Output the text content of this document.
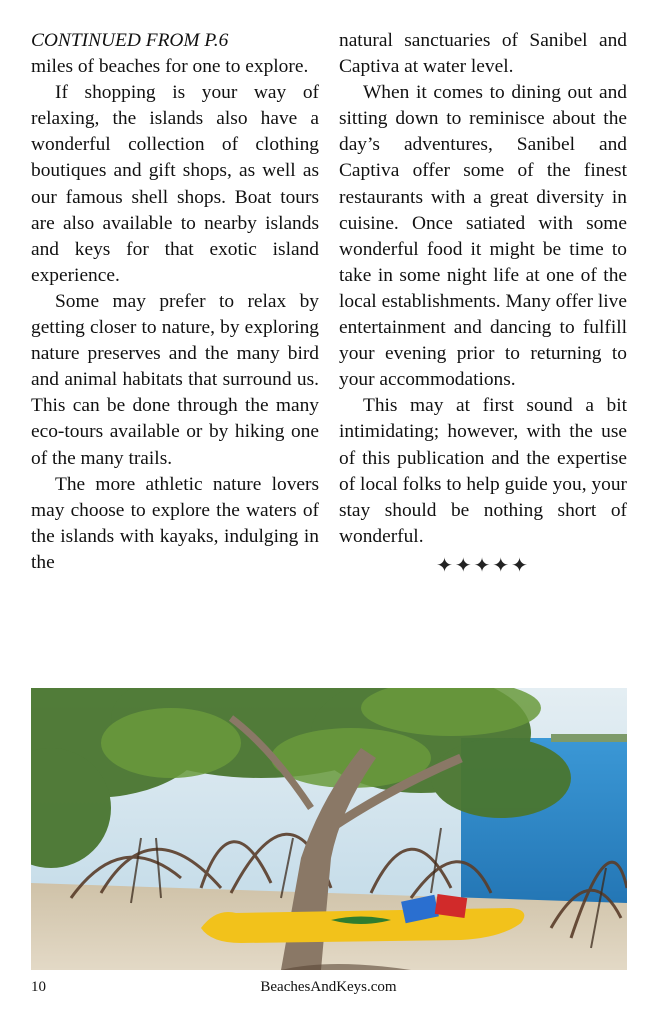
CONTINUED FROM P.6

miles of beaches for one to explore.

If shopping is your way of relaxing, the islands also have a wonderful collection of clothing boutiques and gift shops, as well as our famous shell shops. Boat tours are also available to nearby islands and keys for that exotic island experience.

Some may prefer to relax by getting closer to nature, by exploring nature preserves and the many bird and animal habitats that surround us. This can be done through the many eco-tours available or by hiking one of the many trails.

The more athletic nature lovers may choose to explore the waters of the islands with kayaks, indulging in the

natural sanctuaries of Sanibel and Captiva at water level.

When it comes to dining out and sitting down to reminisce about the day’s adventures, Sanibel and Captiva offer some of the finest restaurants with a great diversity in cuisine. Once satiated with some wonderful food it might be time to take in some night life at one of the local establishments. Many offer live entertainment and dancing to fulfill your evening prior to returning to your accommodations.

This may at first sound a bit intimidating; however, with the use of this publication and the expertise of local folks to help guide you, your stay should be nothing short of wonderful.

✦✦✦✦✦
10	BeachesAndKeys.com
